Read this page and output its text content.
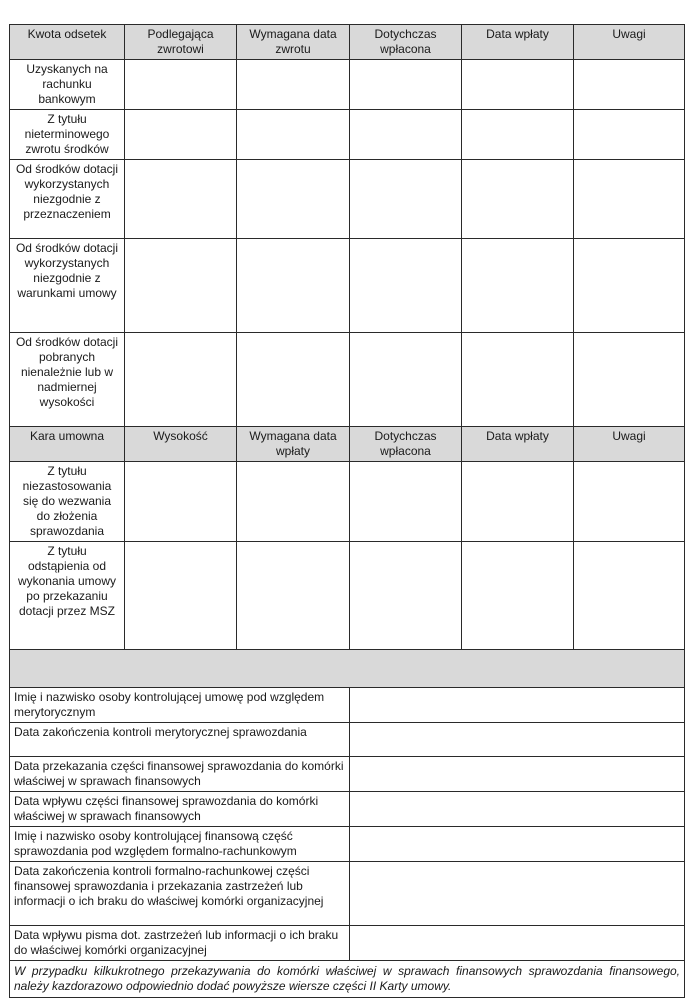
Kwota odsetek	Podlegająca zwrotowi	Wymagana data zwrotu	Dotychczas wpłacona	Data wpłaty	Uwagi
Uzyskanych na rachunku bankowym					
Z tytułu nieterminowego zwrotu środków					
Od środków dotacji wykorzystanych niezgodnie z przeznaczeniem					
Od środków dotacji wykorzystanych niezgodnie z warunkami umowy					
Od środków dotacji pobranych nienależnie lub w nadmiernej wysokości					
Kara umowna	Wysokość	Wymagana data wpłaty	Dotychczas wpłacona	Data wpłaty	Uwagi
Z tytułu niezastosowania się do wezwania do złożenia sprawozdania					
Z tytułu odstąpienia od wykonania umowy po przekazaniu dotacji przez MSZ					

Imię i nazwisko osoby kontrolującej umowę pod względem merytorycznym					
Data zakończenia kontroli merytorycznej sprawozdania					
Data przekazania części finansowej sprawozdania do komórki właściwej w sprawach finansowych					
Data wpływu części finansowej sprawozdania do komórki właściwej w sprawach finansowych					
Imię i nazwisko osoby kontrolującej finansową część sprawozdania pod względem formalno-rachunkowym					
Data zakończenia kontroli formalno-rachunkowej części finansowej sprawozdania i przekazania zastrzeżeń lub informacji o ich braku do właściwej komórki organizacyjnej					
Data wpływu pisma dot. zastrzeżeń lub informacji o ich braku do właściwej komórki organizacyjnej					
W przypadku kilkukrotnego przekazywania do komórki właściwej w sprawach finansowych sprawozdania finansowego, należy kazdorazowo odpowiednio dodać powyższe wiersze części II Karty umowy.					
